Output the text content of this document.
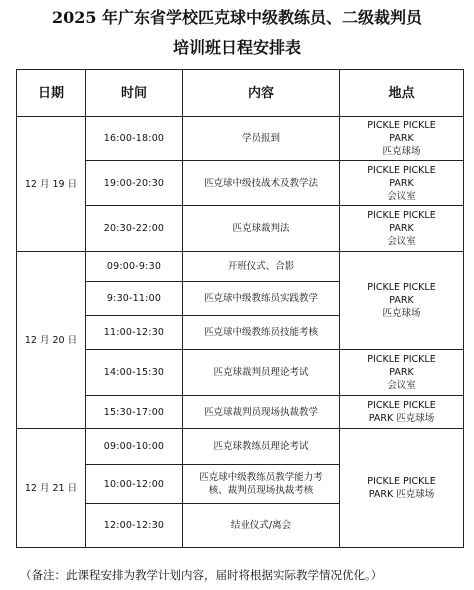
2025 年广东省学校匹克球中级教练员、二级裁判员
培训班日程安排表
日期	时间	内容	地点
12 月 19 日	16:00-18:00	学员报到	PICKLE PICKLE
PARK
匹克球场

	19:00-20:30	匹克球中级技战术及教学法	PICKLE PICKLE
PARK
会议室

	20:30-22:00	匹克球裁判法	PICKLE PICKLE
PARK
会议室

12 月 20 日	09:00-9:30	开班仪式、合影	PICKLE PICKLE
PARK
匹克球场

	9:30-11:00	匹克球中级教练员实践教学	
	11:00-12:30	匹克球中级教练员技能考核	
	14:00-15:30	匹克球裁判员理论考试	PICKLE PICKLE
PARK
会议室

	15:30-17:00	匹克球裁判员现场执裁教学	PICKLE PICKLE
PARK 匹克球场

12 月 21 日	09:00-10:00	匹克球教练员理论考试	PICKLE PICKLE
PARK 匹克球场

	10:00-12:00	匹克球中级教练员教学能力考
核、裁判员现场执裁考核	

	12:00-12:30	结业仪式/离会	
（备注：此课程安排为教学计划内容，届时将根据实际教学情况优化。）
